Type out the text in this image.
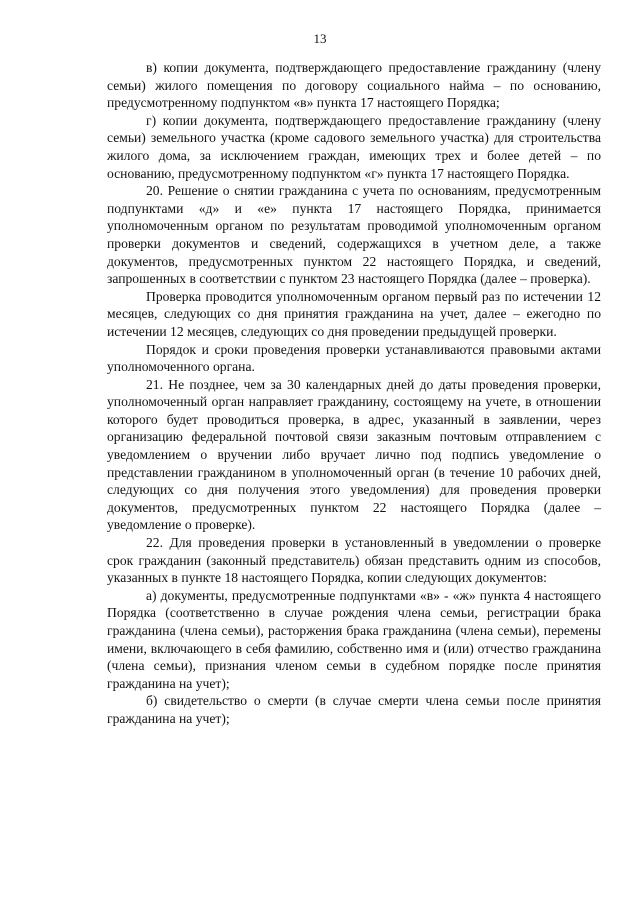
13

в) копии документа, подтверждающего предоставление гражданину (члену семьи) жилого помещения по договору социального найма – по основанию, предусмотренному подпунктом «в» пункта 17 настоящего Порядка;

г) копии документа, подтверждающего предоставление гражданину (члену семьи) земельного участка (кроме садового земельного участка) для строительства жилого дома, за исключением граждан, имеющих трех и более детей – по основанию, предусмотренному подпунктом «г» пункта 17 настоящего Порядка.

20. Решение о снятии гражданина с учета по основаниям, предусмотренным подпунктами «д» и «е» пункта 17 настоящего Порядка, принимается уполномоченным органом по результатам проводимой уполномоченным органом проверки документов и сведений, содержащихся в учетном деле, а также документов, предусмотренных пунктом 22 настоящего Порядка, и сведений, запрошенных в соответствии с пунктом 23 настоящего Порядка (далее – проверка).

Проверка проводится уполномоченным органом первый раз по истечении 12 месяцев, следующих со дня принятия гражданина на учет, далее – ежегодно по истечении 12 месяцев, следующих со дня проведении предыдущей проверки.

Порядок и сроки проведения проверки устанавливаются правовыми актами уполномоченного органа.

21. Не позднее, чем за 30 календарных дней до даты проведения проверки, уполномоченный орган направляет гражданину, состоящему на учете, в отношении которого будет проводиться проверка, в адрес, указанный в заявлении, через организацию федеральной почтовой связи заказным почтовым отправлением с уведомлением о вручении либо вручает лично под подпись уведомление о представлении гражданином в уполномоченный орган (в течение 10 рабочих дней, следующих со дня получения этого уведомления) для проведения проверки документов, предусмотренных пунктом 22 настоящего Порядка (далее – уведомление о проверке).

22. Для проведения проверки в установленный в уведомлении о проверке срок гражданин (законный представитель) обязан представить одним из способов, указанных в пункте 18 настоящего Порядка, копии следующих документов:

а) документы, предусмотренные подпунктами «в» - «ж» пункта 4 настоящего Порядка (соответственно в случае рождения члена семьи, регистрации брака гражданина (члена семьи), расторжения брака гражданина (члена семьи), перемены имени, включающего в себя фамилию, собственно имя и (или) отчество гражданина (члена семьи), признания членом семьи в судебном порядке после принятия гражданина на учет);

б) свидетельство о смерти (в случае смерти члена семьи после принятия гражданина на учет);
